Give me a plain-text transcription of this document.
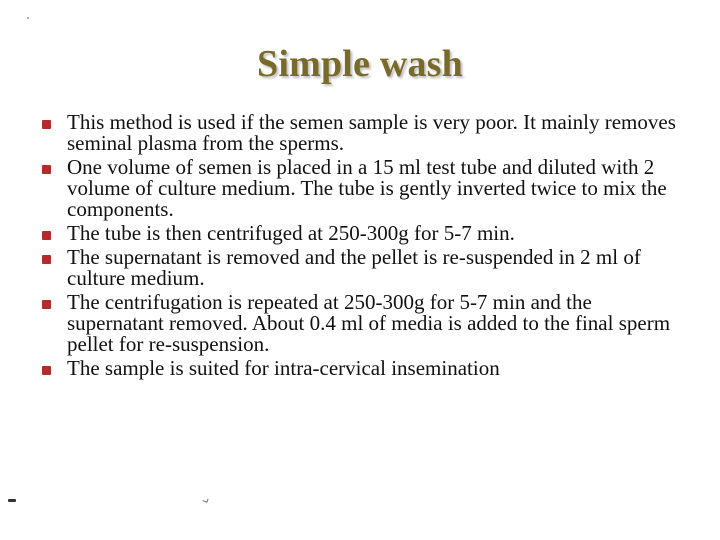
Simple wash
This method is used if the semen sample is very poor. It mainly removes seminal plasma from the sperms.
One volume of semen is placed in a 15 ml test tube and diluted with 2 volume of culture medium. The tube is gently inverted twice to mix the components.
The tube is then centrifuged at 250-300g for 5-7 min.
The supernatant is removed and the pellet is re-suspended in 2 ml of culture medium.
The centrifugation is repeated at 250-300g for 5-7 min and the supernatant removed. About 0.4 ml of media is added to the final sperm pellet for re-suspension.
The sample is suited for intra-cervical insemination
